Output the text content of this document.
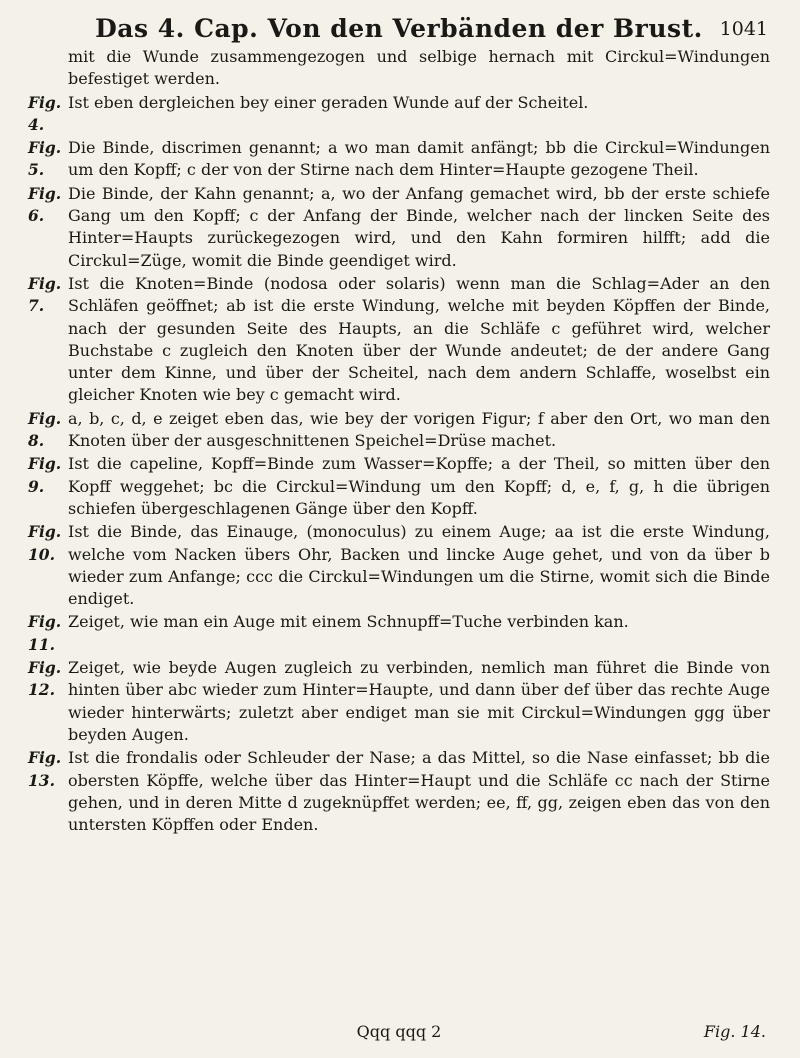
Das 4. Cap. Von den Verbänden der Brust. 1041
mit die Wunde zusammengezogen und selbige hernach mit Circkul=Windungen befestiget werden.
Fig. 4.
Ist eben dergleichen bey einer geraden Wunde auf der Scheitel.
Fig. 5.
Die Binde, discrimen genannt; a wo man damit anfängt; bb die Circkul=Windungen um den Kopff; c der von der Stirne nach dem Hinter=Haupte gezogene Theil.
Fig. 6.
Die Binde, der Kahn genannt; a, wo der Anfang gemachet wird, bb der erste schiefe Gang um den Kopff; c der Anfang der Binde, welcher nach der lincken Seite des Hinter=Haupts zurückegezogen wird, und den Kahn formiren hilfft; add die Circkul=Züge, womit die Binde geendiget wird.
Fig. 7.
Ist die Knoten=Binde (nodosa oder solaris) wenn man die Schlag=Ader an den Schläfen geöffnet; ab ist die erste Windung, welche mit beyden Köpffen der Binde, nach der gesunden Seite des Haupts, an die Schläfe c geführet wird, welcher Buchstabe c zugleich den Knoten über der Wunde andeutet; de der andere Gang unter dem Kinne, und über der Scheitel, nach dem andern Schlaffe, woselbst ein gleicher Knoten wie bey c gemacht wird.
Fig. 8.
a, b, c, d, e zeiget eben das, wie bey der vorigen Figur; f aber den Ort, wo man den Knoten über der ausgeschnittenen Speichel=Drüse machet.
Fig. 9.
Ist die capeline, Kopff=Binde zum Wasser=Kopffe; a der Theil, so mitten über den Kopff weggehet; bc die Circkul=Windung um den Kopff; d, e, f, g, h die übrigen schiefen übergeschlagenen Gänge über den Kopff.
Fig. 10.
Ist die Binde, das Einauge, (monoculus) zu einem Auge; aa ist die erste Windung, welche vom Nacken übers Ohr, Backen und lincke Auge gehet, und von da über b wieder zum Anfange; ccc die Circkul=Windungen um die Stirne, womit sich die Binde endiget.
Fig. 11.
Zeiget, wie man ein Auge mit einem Schnupff=Tuche verbinden kan.
Fig. 12.
Zeiget, wie beyde Augen zugleich zu verbinden, nemlich man führet die Binde von hinten über abc wieder zum Hinter=Haupte, und dann über def über das rechte Auge wieder hinterwärts; zuletzt aber endiget man sie mit Circkul=Windungen ggg über beyden Augen.
Fig. 13.
Ist die frondalis oder Schleuder der Nase; a das Mittel, so die Nase einfasset; bb die obersten Köpffe, welche über das Hinter=Haupt und die Schläfe cc nach der Stirne gehen, und in deren Mitte d zugeknüpffet werden; ee, ff, gg, zeigen eben das von den untersten Köpffen oder Enden.
Qqq qqq 2	Fig. 14.
